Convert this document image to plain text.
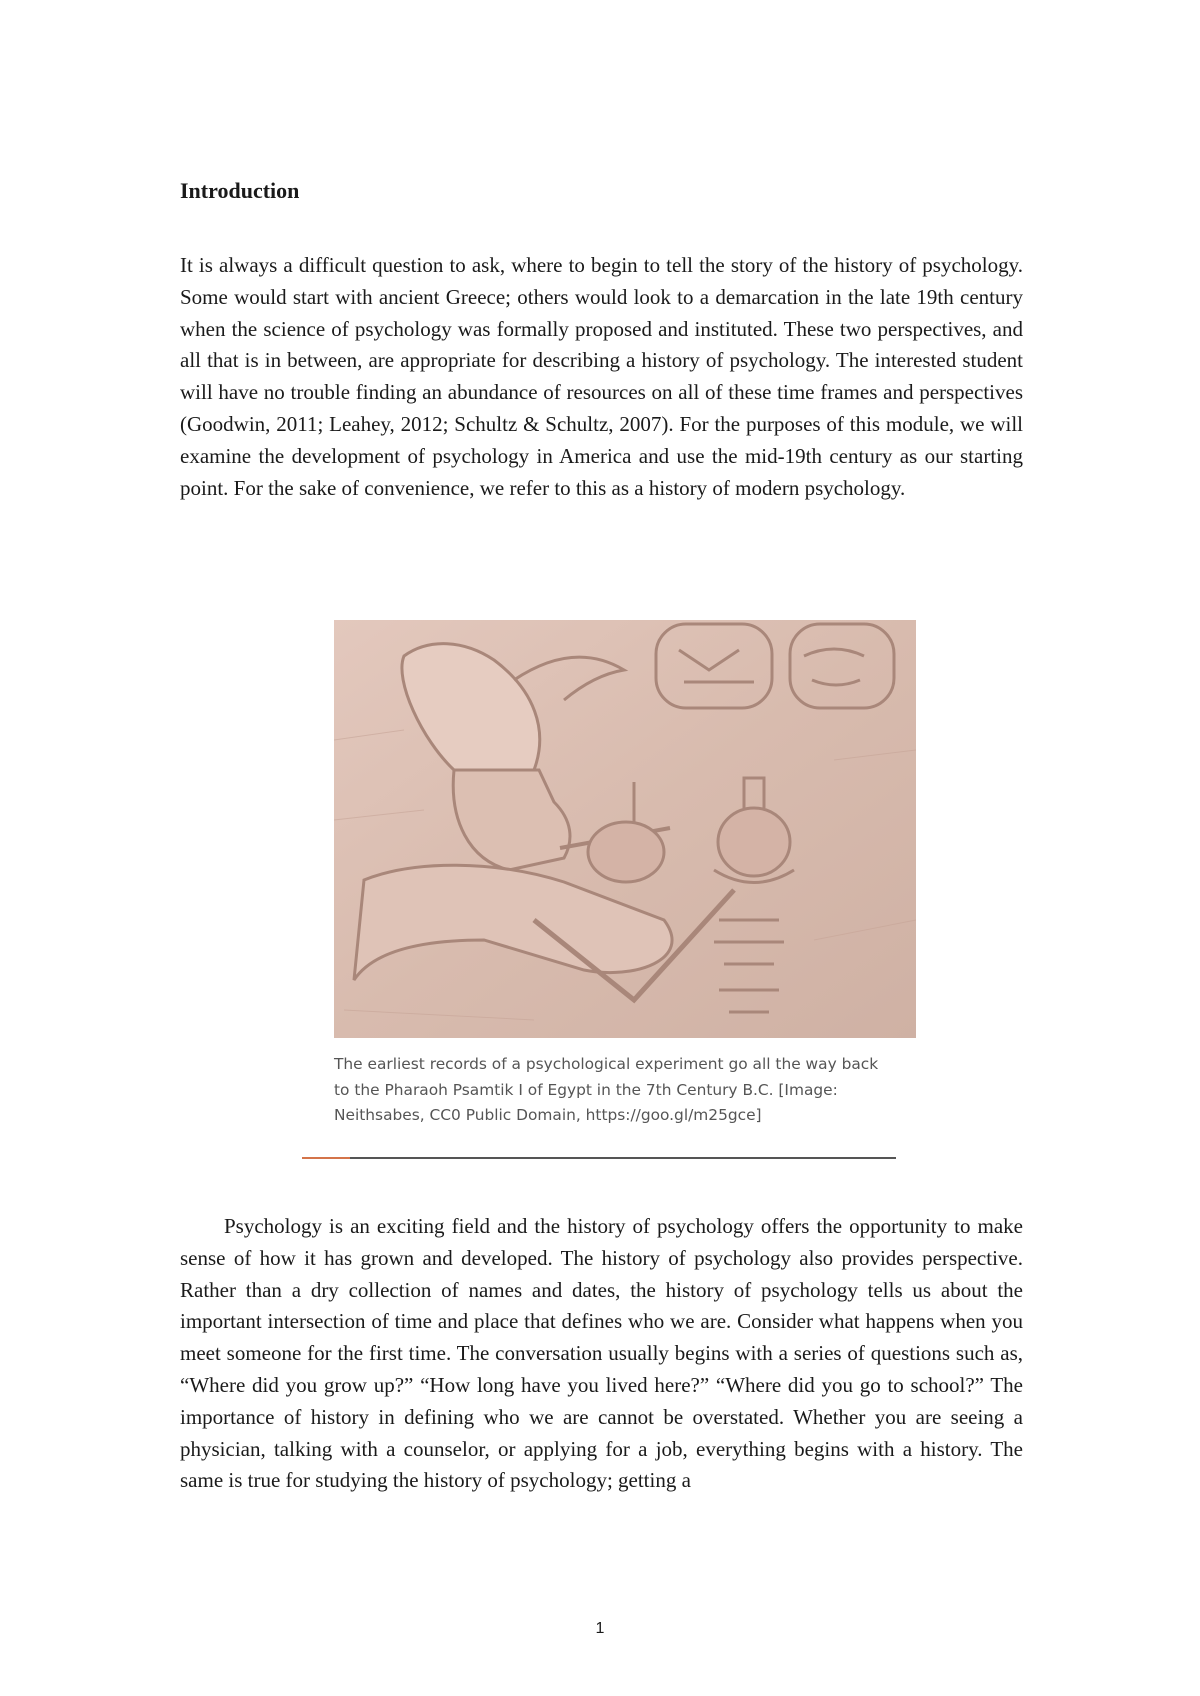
Introduction

It is always a difficult question to ask, where to begin to tell the story of the history of psychology. Some would start with ancient Greece; others would look to a demarcation in the late 19th century when the science of psychology was formally proposed and instituted. These two perspectives, and all that is in between, are appropriate for describing a history of psychology. The interested student will have no trouble finding an abundance of resources on all of these time frames and perspectives (Goodwin, 2011; Leahey, 2012; Schultz & Schultz, 2007). For the purposes of this module, we will examine the development of psychology in America and use the mid-19th century as our starting point. For the sake of convenience, we refer to this as a history of modern psychology.

The earliest records of a psychological experiment go all the way back to the Pharaoh Psamtik I of Egypt in the 7th Century B.C. [Image: Neithsabes, CC0 Public Domain, https://goo.gl/m25gce]

Psychology is an exciting field and the history of psychology offers the opportunity to make sense of how it has grown and developed. The history of psychology also provides perspective. Rather than a dry collection of names and dates, the history of psychology tells us about the important intersection of time and place that defines who we are. Consider what happens when you meet someone for the first time. The conversation usually begins with a series of questions such as, “Where did you grow up?” “How long have you lived here?” “Where did you go to school?” The importance of history in defining who we are cannot be overstated. Whether you are seeing a physician, talking with a counselor, or applying for a job, everything begins with a history. The same is true for studying the history of psychology; getting a

1
